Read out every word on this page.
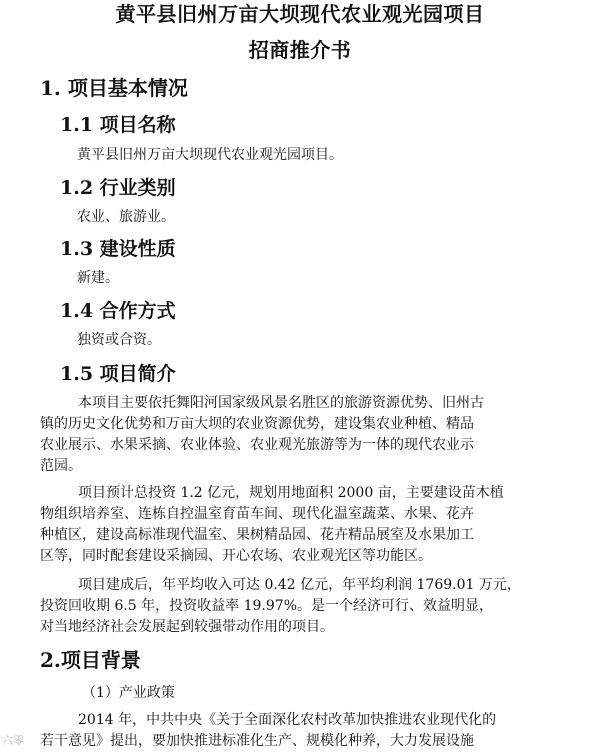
黄平县旧州万亩大坝现代农业观光园项目
招商推介书
1. 项目基本情况
1.1 项目名称
黄平县旧州万亩大坝现代农业观光园项目。
1.2 行业类别
农业、旅游业。
1.3 建设性质
新建。
1.4 合作方式
独资或合资。
1.5 项目简介
本项目主要依托舞阳河国家级风景名胜区的旅游资源优势、旧州古
镇的历史文化优势和万亩大坝的农业资源优势，建设集农业种植、精品
农业展示、水果采摘、农业体验、农业观光旅游等为一体的现代农业示
范园。
项目预计总投资 1.2 亿元，规划用地面积 2000 亩，主要建设苗木植
物组织培养室、连栋自控温室育苗车间、现代化温室蔬菜、水果、花卉
种植区，建设高标准现代温室、果树精品园、花卉精品展室及水果加工
区等，同时配套建设采摘园、开心农场、农业观光区等功能区。
项目建成后，年平均收入可达 0.42 亿元，年平均利润 1769.01 万元，
投资回收期 6.5 年，投资收益率 19.97%。是一个经济可行、效益明显，
对当地经济社会发展起到较强带动作用的项目。
2.项目背景
（1）产业政策
2014 年，中共中央《关于全面深化农村改革加快推进农业现代化的
若干意见》提出，要加快推进标准化生产、规模化种养，大力发展设施
六零
